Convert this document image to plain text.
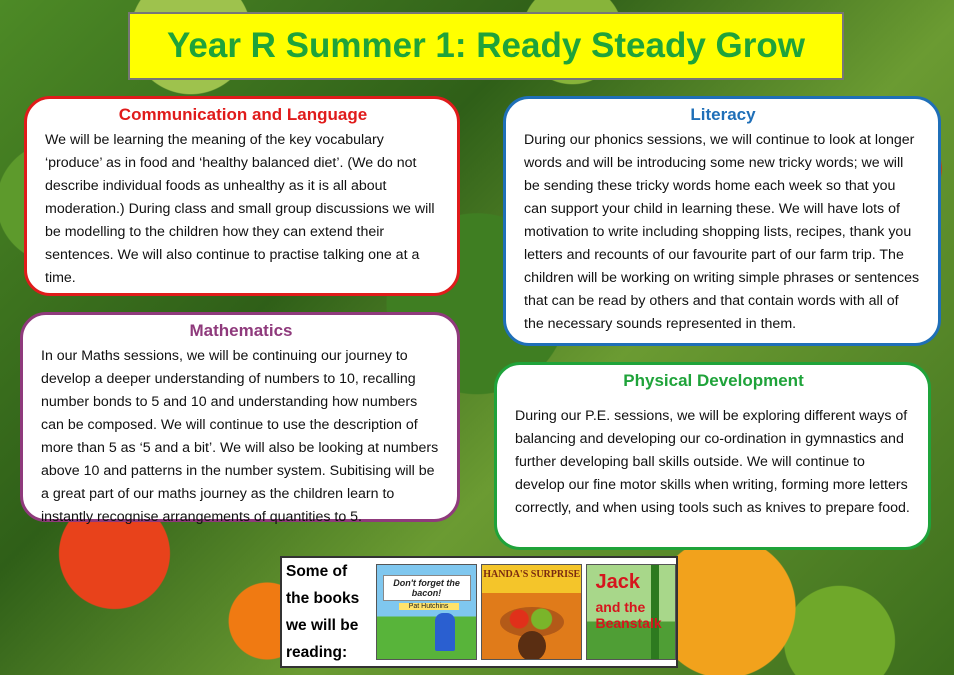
Year R Summer 1: Ready Steady Grow
Communication and Language

We will be learning the meaning of the key vocabulary ‘produce’ as in food and ‘healthy balanced diet’. (We do not describe individual foods as unhealthy as it is all about moderation.) During class and small group discussions we will be modelling to the children how they can extend their sentences. We will also continue to practise talking one at a time.

Literacy

During our phonics sessions, we will continue to look at longer words and will be introducing some new tricky words; we will be sending these tricky words home each week so that you can support your child in learning these. We will have lots of motivation to write including shopping lists, recipes, thank you letters and recounts of our favourite part of our farm trip. The children will be working on writing simple phrases or sentences that can be read by others and that contain words with all of the necessary sounds represented in them.

Mathematics

In our Maths sessions, we will be continuing our journey to develop a deeper understanding of numbers to 10, recalling number bonds to 5 and 10 and understanding how numbers can be composed. We will continue to use the description of more than 5 as ‘5 and a bit’. We will also be looking at numbers above 10 and patterns in the number system. Subitising will be a great part of our maths journey as the children learn to instantly recognise arrangements of quantities to 5.

Physical Development

During our P.E. sessions, we will be exploring different ways of balancing and developing our co-ordination in gymnastics and further developing ball skills outside. We will continue to develop our fine motor skills when writing, forming more letters correctly, and when using tools such as knives to prepare food.

Some of the books we will be reading:
Don't forget the bacon!
Pat Hutchins
HANDA'S SURPRISE Jack
and the Beanstalk
